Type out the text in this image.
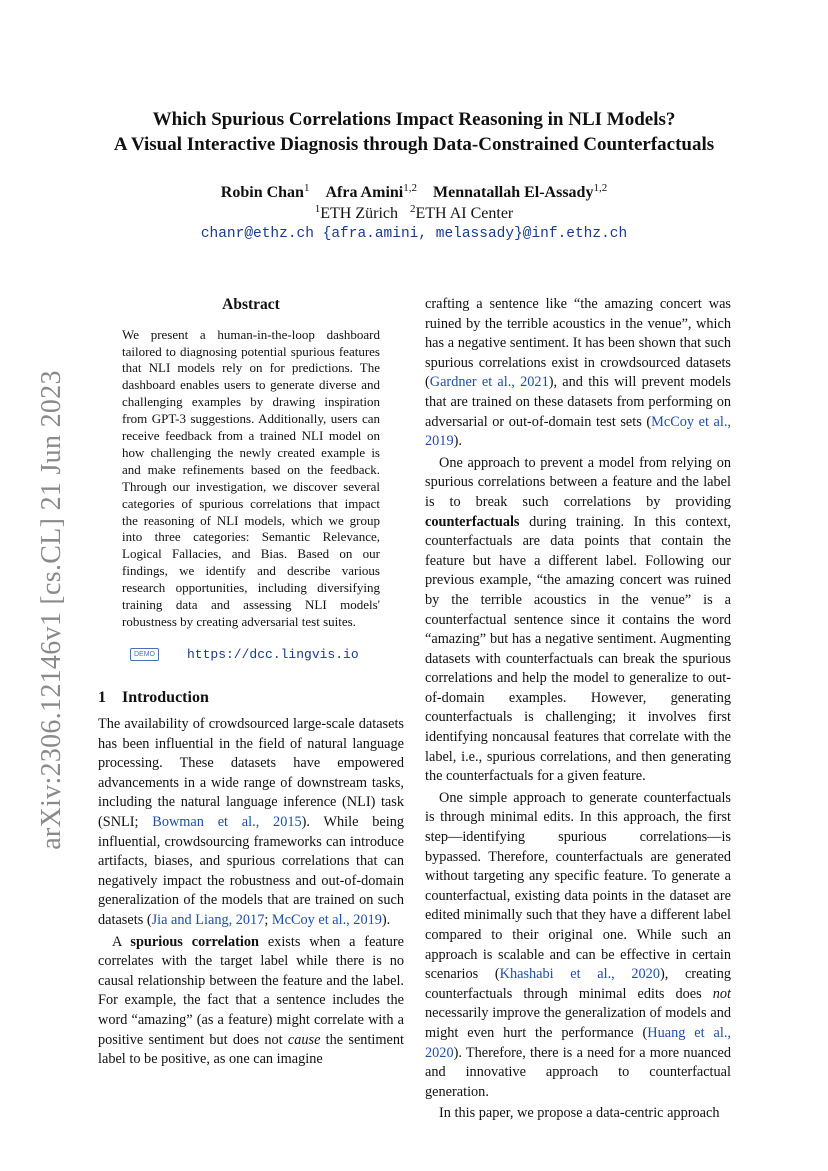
arXiv:2306.12146v1 [cs.CL] 21 Jun 2023

Which Spurious Correlations Impact Reasoning in NLI Models?

A Visual Interactive Diagnosis through Data-Constrained Counterfactuals

Robin Chan$^1$ Afra Amini$^{1,2}$ Mennatallah El-Assady$^{1,2}$
$^1$ETH Zürich $^2$ETH AI Center
chanr@ethz.ch {afra.amini, melassady}@inf.ethz.ch
Abstract
We present a human-in-the-loop dashboard tailored to diagnosing potential spurious features that NLI models rely on for predictions. The dashboard enables users to generate diverse and challenging examples by drawing inspiration from GPT-3 suggestions. Additionally, users can receive feedback from a trained NLI model on how challenging the newly created example is and make refinements based on the feedback. Through our investigation, we discover several categories of spurious correlations that impact the reasoning of NLI models, which we group into three categories: Semantic Relevance, Logical Fallacies, and Bias. Based on our findings, we identify and describe various research opportunities, including diversifying training data and assessing NLI models' robustness by creating adversarial test suites.
DEMO	https://dcc.lingvis.io
1 Introduction

The availability of crowdsourced large-scale datasets has been influential in the field of natural language processing. These datasets have empowered advancements in a wide range of downstream tasks, including the natural language inference (NLI) task (SNLI; Bowman et al., 2015). While being influential, crowdsourcing frameworks can introduce artifacts, biases, and spurious correlations that can negatively impact the robustness and out-of-domain generalization of the models that are trained on such datasets (Jia and Liang, 2017; McCoy et al., 2019).

A spurious correlation exists when a feature correlates with the target label while there is no causal relationship between the feature and the label. For example, the fact that a sentence includes the word “amazing” (as a feature) might correlate with a positive sentiment but does not cause the sentiment label to be positive, as one can imagine

crafting a sentence like “the amazing concert was ruined by the terrible acoustics in the venue”, which has a negative sentiment. It has been shown that such spurious correlations exist in crowdsourced datasets (Gardner et al., 2021), and this will prevent models that are trained on these datasets from performing on adversarial or out-of-domain test sets (McCoy et al., 2019).

One approach to prevent a model from relying on spurious correlations between a feature and the label is to break such correlations by providing counterfactuals during training. In this context, counterfactuals are data points that contain the feature but have a different label. Following our previous example, “the amazing concert was ruined by the terrible acoustics in the venue” is a counterfactual sentence since it contains the word “amazing” but has a negative sentiment. Augmenting datasets with counterfactuals can break the spurious correlations and help the model to generalize to out-of-domain examples. However, generating counterfactuals is challenging; it involves first identifying noncausal features that correlate with the label, i.e., spurious correlations, and then generating the counterfactuals for a given feature.

One simple approach to generate counterfactuals is through minimal edits. In this approach, the first step—identifying spurious correlations—is bypassed. Therefore, counterfactuals are generated without targeting any specific feature. To generate a counterfactual, existing data points in the dataset are edited minimally such that they have a different label compared to their original one. While such an approach is scalable and can be effective in certain scenarios (Khashabi et al., 2020), creating counterfactuals through minimal edits does not necessarily improve the generalization of models and might even hurt the performance (Huang et al., 2020). Therefore, there is a need for a more nuanced and innovative approach to counterfactual generation.

In this paper, we propose a data-centric approach
